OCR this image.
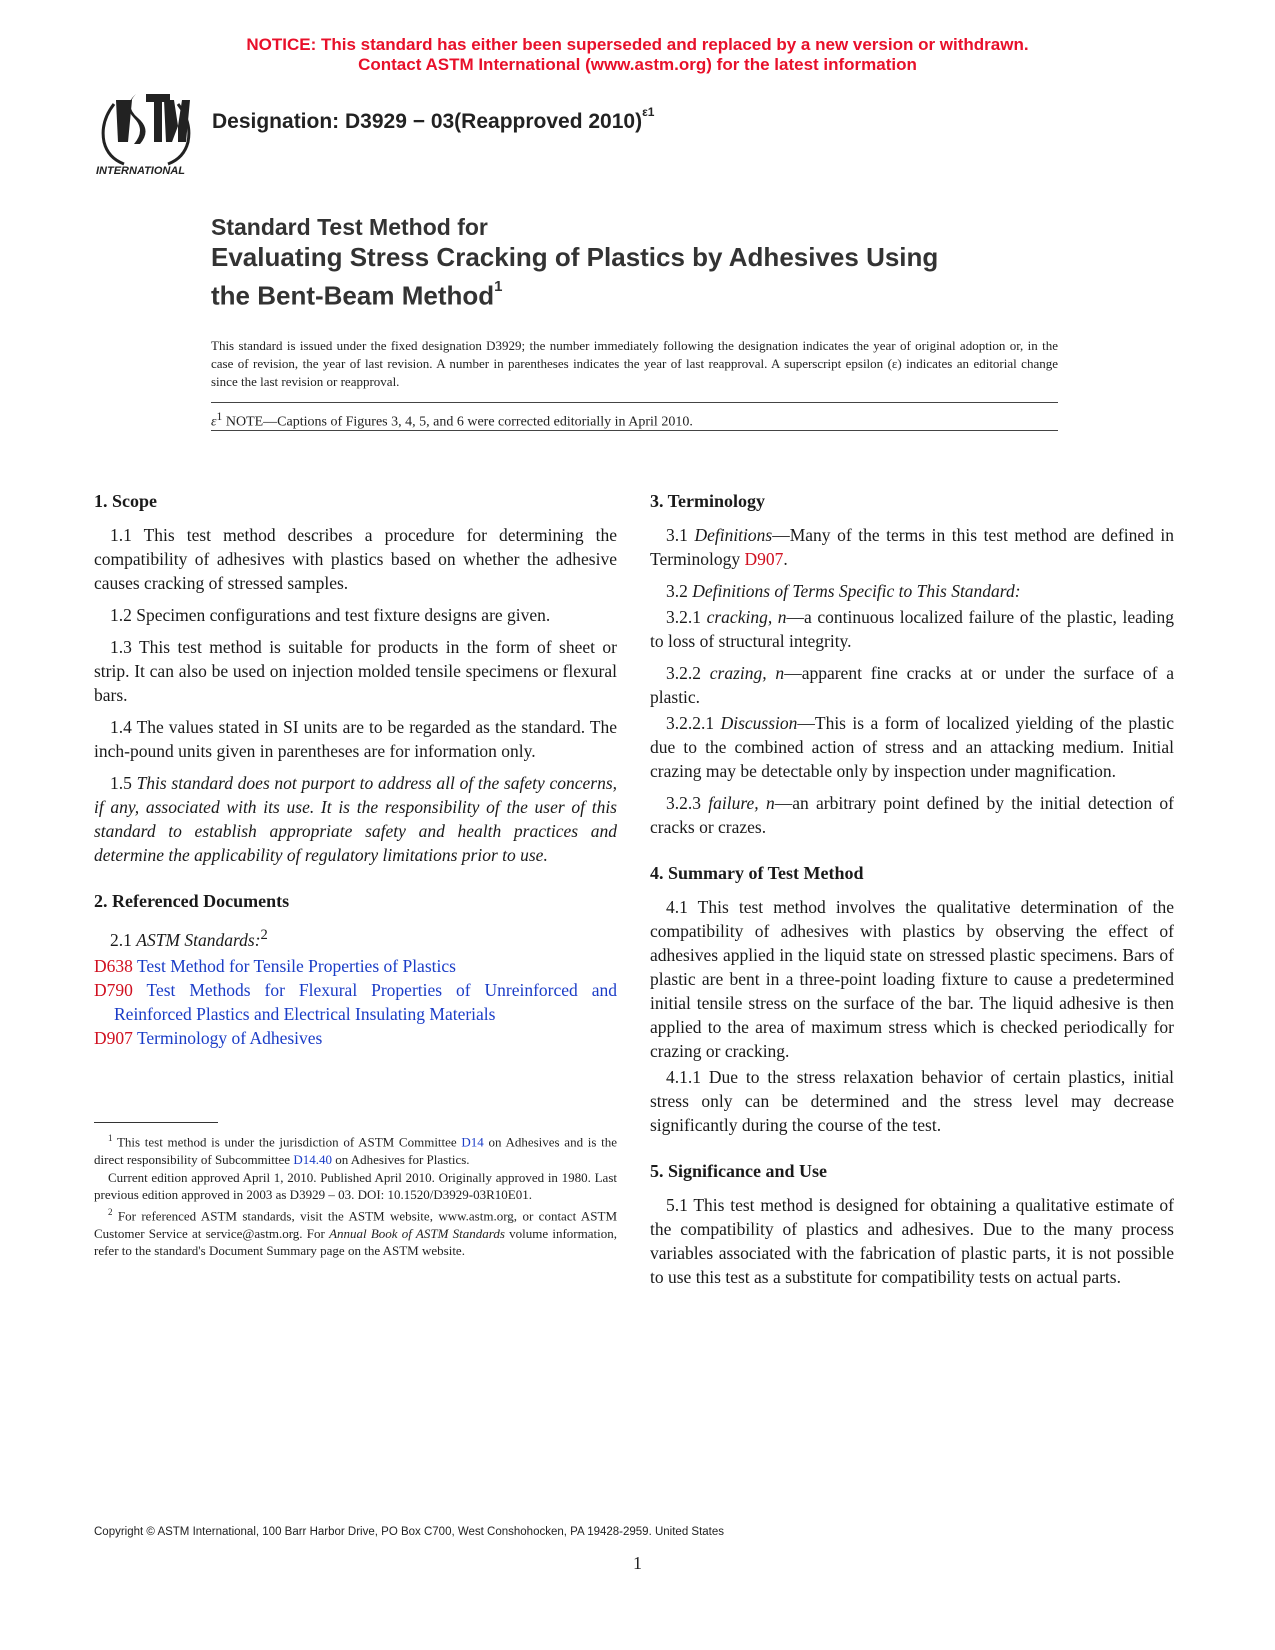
NOTICE: This standard has either been superseded and replaced by a new version or withdrawn.
Contact ASTM International (www.astm.org) for the latest information
INTERNATIONAL
Designation: D3929 − 03(Reapproved 2010)$^{\varepsilon 1}$
Standard Test Method for
Evaluating Stress Cracking of Plastics by Adhesives Using
the Bent-Beam Method$^1$
This standard is issued under the fixed designation D3929; the number immediately following the designation indicates the year of original adoption or, in the case of revision, the year of last revision. A number in parentheses indicates the year of last reapproval. A superscript epsilon (ε) indicates an editorial change since the last revision or reapproval.
$\varepsilon^1$ NOTE—Captions of Figures 3, 4, 5, and 6 were corrected editorially in April 2010.
1. Scope

1.1 This test method describes a procedure for determining the compatibility of adhesives with plastics based on whether the adhesive causes cracking of stressed samples.

1.2 Specimen configurations and test fixture designs are given.

1.3 This test method is suitable for products in the form of sheet or strip. It can also be used on injection molded tensile specimens or flexural bars.

1.4 The values stated in SI units are to be regarded as the standard. The inch-pound units given in parentheses are for information only.

1.5 This standard does not purport to address all of the safety concerns, if any, associated with its use. It is the responsibility of the user of this standard to establish appropriate safety and health practices and determine the applicability of regulatory limitations prior to use.

2. Referenced Documents

2.1 ASTM Standards:$^2$

D638 Test Method for Tensile Properties of Plastics

D790 Test Methods for Flexural Properties of Unreinforced and Reinforced Plastics and Electrical Insulating Materials

D907 Terminology of Adhesives

$^1$ This test method is under the jurisdiction of ASTM Committee D14 on Adhesives and is the direct responsibility of Subcommittee D14.40 on Adhesives for Plastics.

Current edition approved April 1, 2010. Published April 2010. Originally approved in 1980. Last previous edition approved in 2003 as D3929 – 03. DOI: 10.1520/D3929-03R10E01.

$^2$ For referenced ASTM standards, visit the ASTM website, www.astm.org, or contact ASTM Customer Service at service@astm.org. For Annual Book of ASTM Standards volume information, refer to the standard's Document Summary page on the ASTM website.

3. Terminology

3.1 Definitions—Many of the terms in this test method are defined in Terminology D907.

3.2 Definitions of Terms Specific to This Standard:

3.2.1 cracking, n—a continuous localized failure of the plastic, leading to loss of structural integrity.

3.2.2 crazing, n—apparent fine cracks at or under the surface of a plastic.

3.2.2.1 Discussion—This is a form of localized yielding of the plastic due to the combined action of stress and an attacking medium. Initial crazing may be detectable only by inspection under magnification.

3.2.3 failure, n—an arbitrary point defined by the initial detection of cracks or crazes.

4. Summary of Test Method

4.1 This test method involves the qualitative determination of the compatibility of adhesives with plastics by observing the effect of adhesives applied in the liquid state on stressed plastic specimens. Bars of plastic are bent in a three-point loading fixture to cause a predetermined initial tensile stress on the surface of the bar. The liquid adhesive is then applied to the area of maximum stress which is checked periodically for crazing or cracking.

4.1.1 Due to the stress relaxation behavior of certain plastics, initial stress only can be determined and the stress level may decrease significantly during the course of the test.

5. Significance and Use

5.1 This test method is designed for obtaining a qualitative estimate of the compatibility of plastics and adhesives. Due to the many process variables associated with the fabrication of plastic parts, it is not possible to use this test as a substitute for compatibility tests on actual parts.

Copyright © ASTM International, 100 Barr Harbor Drive, PO Box C700, West Conshohocken, PA 19428-2959. United States
1
